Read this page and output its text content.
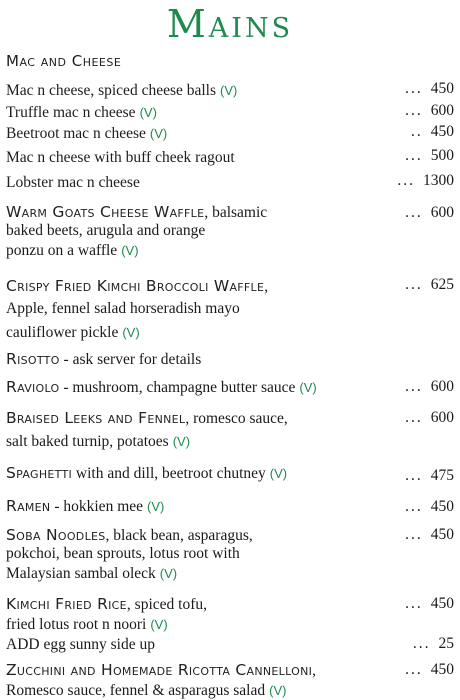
Mains
Mac and Cheese
Mac n cheese, spiced cheese balls (V)	... 450
Truffle mac n cheese (V)	... 600
Beetroot mac n cheese (V)	.. 450
Mac n cheese with buff cheek ragout	... 500
Lobster mac n cheese	... 1300
Warm Goats Cheese Waffle, balsamic
baked beets, arugula and orange
ponzu on a waffle (V)
... 600
Crispy Fried Kimchi Broccoli Waffle,
Apple, fennel salad horseradish mayo
cauliflower pickle (V)
... 625
Risotto - ask server for details
Raviolo - mushroom, champagne butter sauce (V)	... 600
Braised Leeks and Fennel, romesco sauce,
salt baked turnip, potatoes (V)
... 600
Spaghetti with and dill, beetroot chutney (V)	... 475
Ramen - hokkien mee (V)	... 450
Soba Noodles, black bean, asparagus,
pokchoi, bean sprouts, lotus root with
Malaysian sambal oleck (V)
... 450
Kimchi Fried Rice, spiced tofu,
fried lotus root n noori (V)
... 450
ADD egg sunny side up	... 25
Zucchini and Homemade Ricotta Cannelloni,
Romesco sauce, fennel & asparagus salad (V)
... 450
